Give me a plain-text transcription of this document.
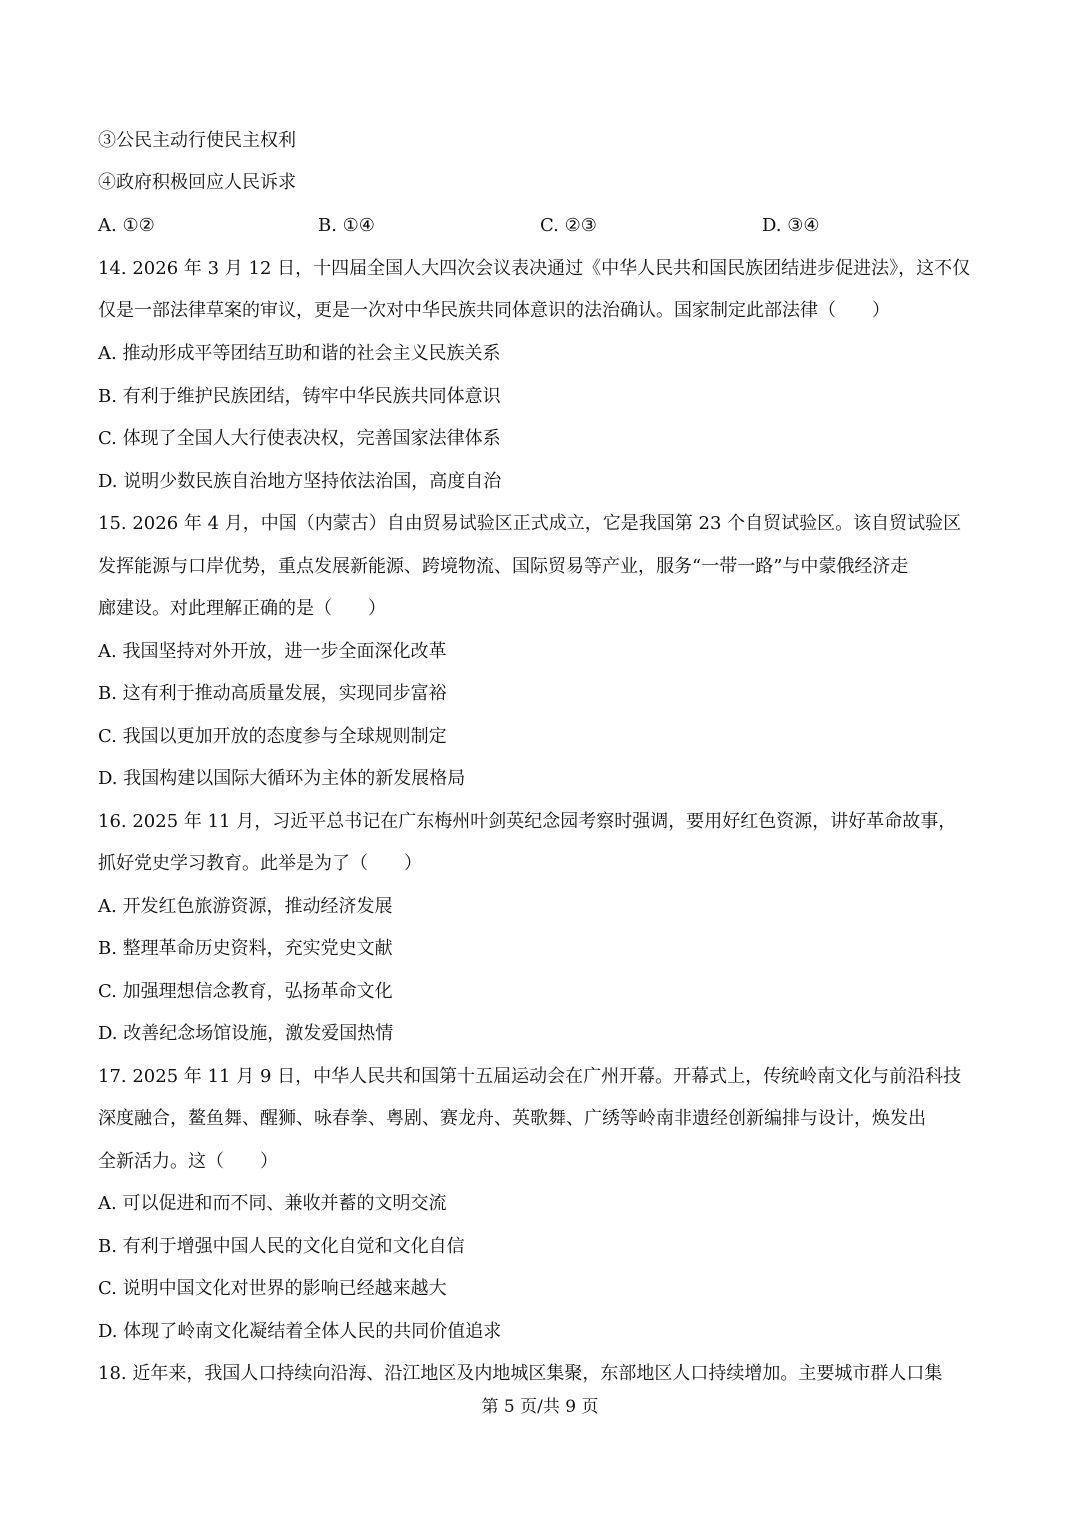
③公民主动行使民主权利
④政府积极回应人民诉求
A. ①②	B. ①④	C. ②③	D. ③④
14. 2026 年 3 月 12 日，十四届全国人大四次会议表决通过《中华人民共和国民族团结进步促进法》，这不仅
仅是一部法律草案的审议，更是一次对中华民族共同体意识的法治确认。国家制定此部法律（　　）
A. 推动形成平等团结互助和谐的社会主义民族关系
B. 有利于维护民族团结，铸牢中华民族共同体意识
C. 体现了全国人大行使表决权，完善国家法律体系
D. 说明少数民族自治地方坚持依法治国，高度自治
15. 2026 年 4 月，中国（内蒙古）自由贸易试验区正式成立，它是我国第 23 个自贸试验区。该自贸试验区
发挥能源与口岸优势，重点发展新能源、跨境物流、国际贸易等产业，服务“一带一路”与中蒙俄经济走
廊建设。对此理解正确的是（　　）
A. 我国坚持对外开放，进一步全面深化改革
B. 这有利于推动高质量发展，实现同步富裕
C. 我国以更加开放的态度参与全球规则制定
D. 我国构建以国际大循环为主体的新发展格局
16. 2025 年 11 月，习近平总书记在广东梅州叶剑英纪念园考察时强调，要用好红色资源，讲好革命故事，
抓好党史学习教育。此举是为了（　　）
A. 开发红色旅游资源，推动经济发展
B. 整理革命历史资料，充实党史文献
C. 加强理想信念教育，弘扬革命文化
D. 改善纪念场馆设施，激发爱国热情
17. 2025 年 11 月 9 日，中华人民共和国第十五届运动会在广州开幕。开幕式上，传统岭南文化与前沿科技
深度融合，鳌鱼舞、醒狮、咏春拳、粤剧、赛龙舟、英歌舞、广绣等岭南非遗经创新编排与设计，焕发出
全新活力。这（　　）
A. 可以促进和而不同、兼收并蓄的文明交流
B. 有利于增强中国人民的文化自觉和文化自信
C. 说明中国文化对世界的影响已经越来越大
D. 体现了岭南文化凝结着全体人民的共同价值追求
18. 近年来，我国人口持续向沿海、沿江地区及内地城区集聚，东部地区人口持续增加。主要城市群人口集
第 5 页/共 9 页
